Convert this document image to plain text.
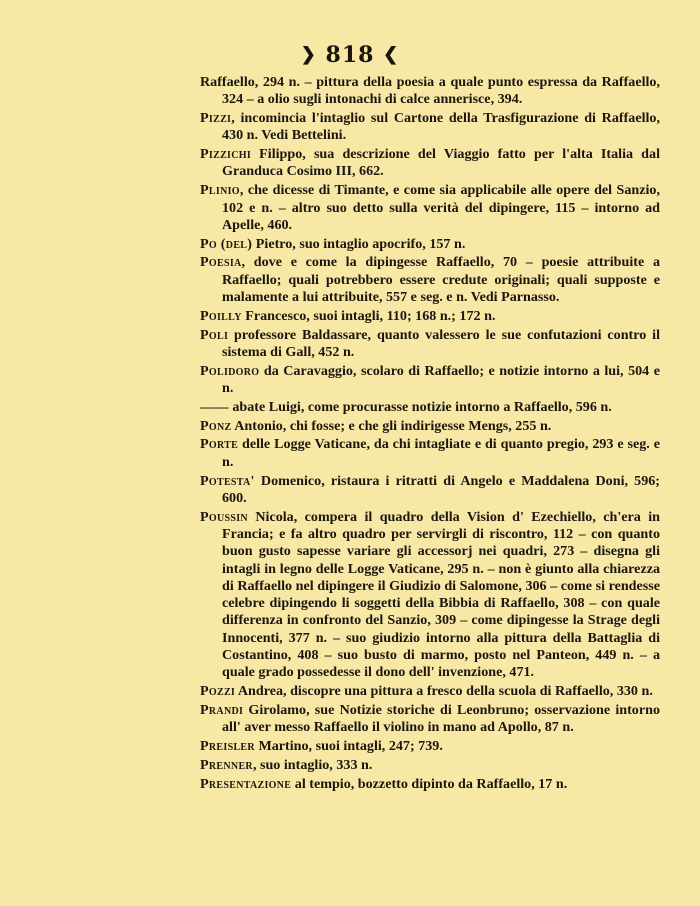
❯ 818 ❮

Raffaello, 294 n. – pittura della poesia a quale punto espressa da Raffaello, 324 – a olio sugli intonachi di calce annerisce, 394.

Pizzi, incomincia l'intaglio sul Cartone della Trasfigurazione di Raffaello, 430 n. Vedi Bettelini.

Pizzichi Filippo, sua descrizione del Viaggio fatto per l'alta Italia dal Granduca Cosimo III, 662.

Plinio, che dicesse di Timante, e come sia applicabile alle opere del Sanzio, 102 e n. – altro suo detto sulla verità del dipingere, 115 – intorno ad Apelle, 460.

Po (del) Pietro, suo intaglio apocrifo, 157 n.

Poesia, dove e come la dipingesse Raffaello, 70 – poesie attribuite a Raffaello; quali potrebbero essere credute originali; quali supposte e malamente a lui attribuite, 557 e seg. e n. Vedi Parnasso.

Poilly Francesco, suoi intagli, 110; 168 n.; 172 n.

Poli professore Baldassare, quanto valessero le sue confutazioni contro il sistema di Gall, 452 n.

Polidoro da Caravaggio, scolaro di Raffaello; e notizie intorno a lui, 504 e n.

—— abate Luigi, come procurasse notizie intorno a Raffaello, 596 n.

Ponz Antonio, chi fosse; e che gli indirigesse Mengs, 255 n.

Porte delle Logge Vaticane, da chi intagliate e di quanto pregio, 293 e seg. e n.

Potesta' Domenico, ristaura i ritratti di Angelo e Maddalena Doni, 596; 600.

Poussin Nicola, compera il quadro della Vision d' Ezechiello, ch'era in Francia; e fa altro quadro per servirgli di riscontro, 112 – con quanto buon gusto sapesse variare gli accessorj nei quadri, 273 – disegna gli intagli in legno delle Logge Vaticane, 295 n. – non è giunto alla chiarezza di Raffaello nel dipingere il Giudizio di Salomone, 306 – come si rendesse celebre dipingendo li soggetti della Bibbia di Raffaello, 308 – con quale differenza in confronto del Sanzio, 309 – come dipingesse la Strage degli Innocenti, 377 n. – suo giudizio intorno alla pittura della Battaglia di Costantino, 408 – suo busto di marmo, posto nel Panteon, 449 n. – a quale grado possedesse il dono dell' invenzione, 471.

Pozzi Andrea, discopre una pittura a fresco della scuola di Raffaello, 330 n.

Prandi Girolamo, sue Notizie storiche di Leonbruno; osservazione intorno all' aver messo Raffaello il violino in mano ad Apollo, 87 n.

Preisler Martino, suoi intagli, 247; 739.

Prenner, suo intaglio, 333 n.

Presentazione al tempio, bozzetto dipinto da Raffaello, 17 n.
